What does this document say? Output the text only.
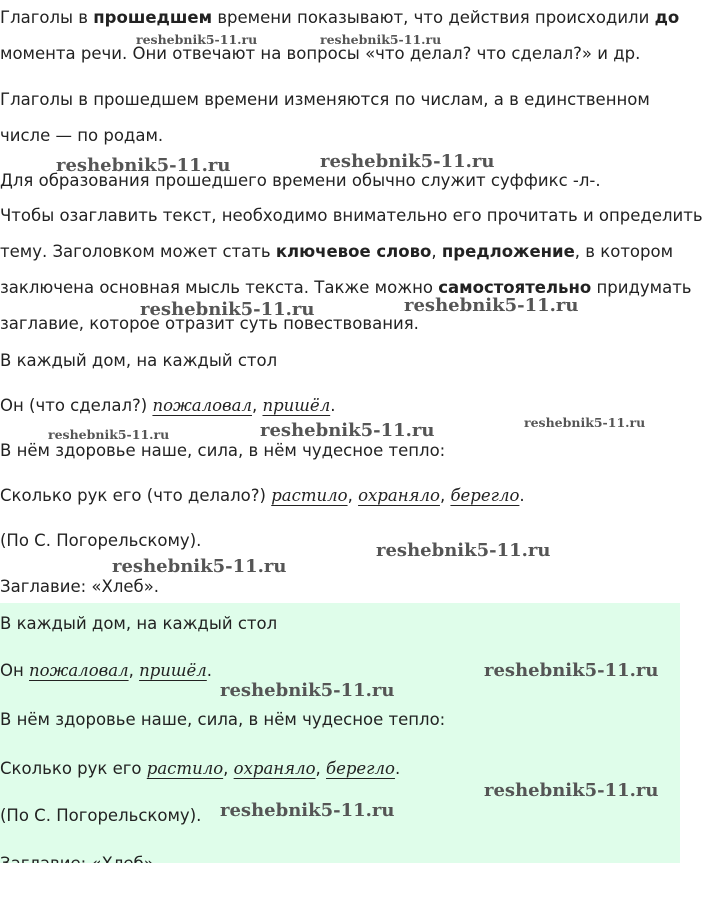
Глаголы в прошедшем времени показывают, что действия происходили до
момента речи. Они отвечают на вопросы «что делал? что сделал?» и др.
Глаголы в прошедшем времени изменяются по числам, а в единственном
числе — по родам.
Для образования прошедшего времени обычно служит суффикс -л-.
Чтобы озаглавить текст, необходимо внимательно его прочитать и определить
тему. Заголовком может стать ключевое слово, предложение, в котором
заключена основная мысль текста. Также можно самостоятельно придумать
заглавие, которое отразит суть повествования.
В каждый дом, на каждый стол
Он (что сделал?) пожаловал, пришёл.
В нём здоровье наше, сила, в нём чудесное тепло:
Сколько рук его (что делало?) растило, охраняло, берегло.
(По С. Погорельскому).
Заглавие: «Хлеб».
В каждый дом, на каждый стол
Он пожаловал, пришёл.
В нём здоровье наше, сила, в нём чудесное тепло:
Сколько рук его растило, охраняло, берегло.
(По С. Погорельскому).
reshebnik5-11.ru	reshebnik5-11.ru
reshebnik5-11.ru	reshebnik5-11.ru
reshebnik5-11.ru	reshebnik5-11.ru
reshebnik5-11.ru
reshebnik5-11.ru	reshebnik5-11.ru
reshebnik5-11.ru
reshebnik5-11.ru
reshebnik5-11.ru
reshebnik5-11.ru
reshebnik5-11.ru
reshebnik5-11.ru
